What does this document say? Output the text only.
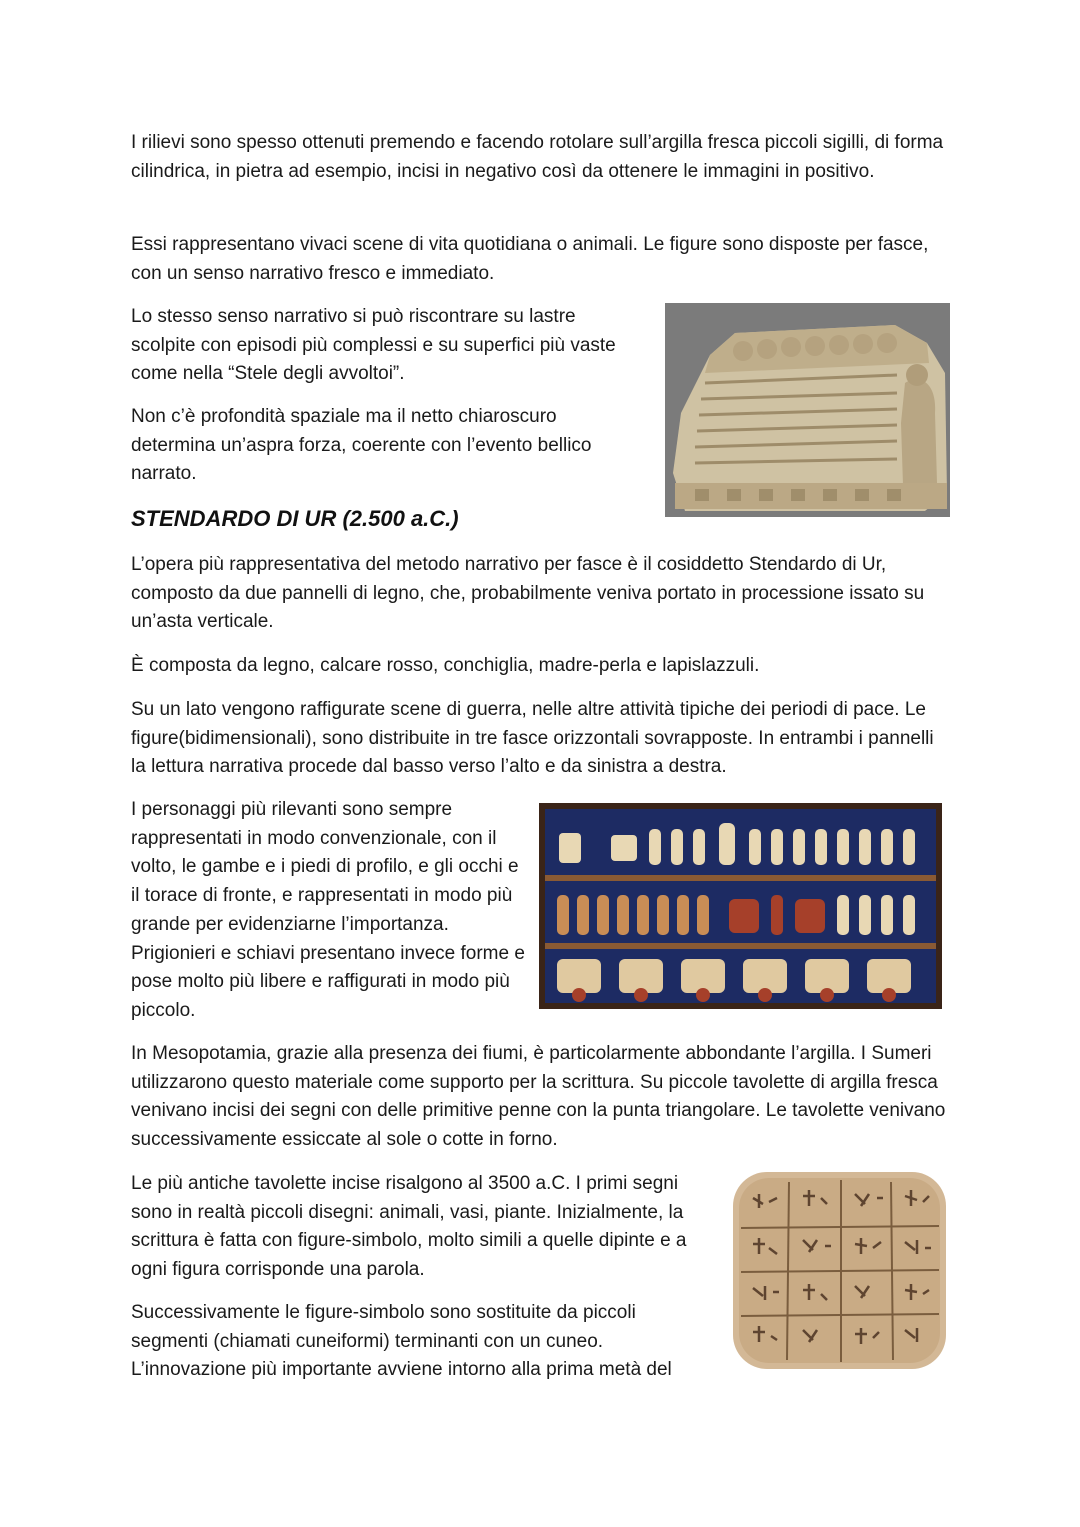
I rilievi sono spesso ottenuti premendo e facendo rotolare sull’argilla fresca piccoli sigilli, di forma cilindrica, in pietra ad esempio, incisi in negativo così da ottenere le immagini in positivo.

Essi rappresentano vivaci scene di vita quotidiana o animali. Le figure sono disposte per fasce, con un senso narrativo fresco e immediato.

Lo stesso senso narrativo si può riscontrare su lastre scolpite con episodi più complessi e su superfici più vaste come nella “Stele degli avvoltoi”.

Non c’è profondità spaziale ma il netto chiaroscuro determina un’aspra forza, coerente con l’evento bellico narrato.

STENDARDO DI UR (2.500 a.C.)

L’opera più rappresentativa del metodo narrativo per fasce è il cosiddetto Stendardo di Ur, composto da due pannelli di legno, che, probabilmente veniva portato in processione issato su un’asta verticale.

È composta da legno, calcare rosso, conchiglia, madre-perla e lapislazzuli.

Su un lato vengono raffigurate scene di guerra, nelle altre attività tipiche dei periodi di pace. Le figure(bidimensionali), sono distribuite in tre fasce orizzontali sovrapposte. In entrambi i pannelli la lettura narrativa procede dal basso verso l’alto e da sinistra a destra.

I personaggi più rilevanti sono sempre rappresentati in modo convenzionale, con il volto, le gambe e i piedi di profilo, e gli occhi e il torace di fronte, e rappresentati in modo più grande per evidenziarne l’importanza. Prigionieri e schiavi presentano invece forme e pose molto più libere e raffigurati in modo più piccolo.

In Mesopotamia, grazie alla presenza dei fiumi, è particolarmente abbondante l’argilla. I Sumeri utilizzarono questo materiale come supporto per la scrittura. Su piccole tavolette di argilla fresca venivano incisi dei segni con delle primitive penne con la punta triangolare. Le tavolette venivano successivamente essiccate al sole o cotte in forno.

Le più antiche tavolette incise risalgono al 3500 a.C. I primi segni sono in realtà piccoli disegni: animali, vasi, piante. Inizialmente, la scrittura è fatta con figure-simbolo, molto simili a quelle dipinte e a ogni figura corrisponde una parola.

Successivamente le figure-simbolo sono sostituite da piccoli segmenti (chiamati cuneiformi) terminanti con un cuneo. L’innovazione più importante avviene intorno alla prima metà del
